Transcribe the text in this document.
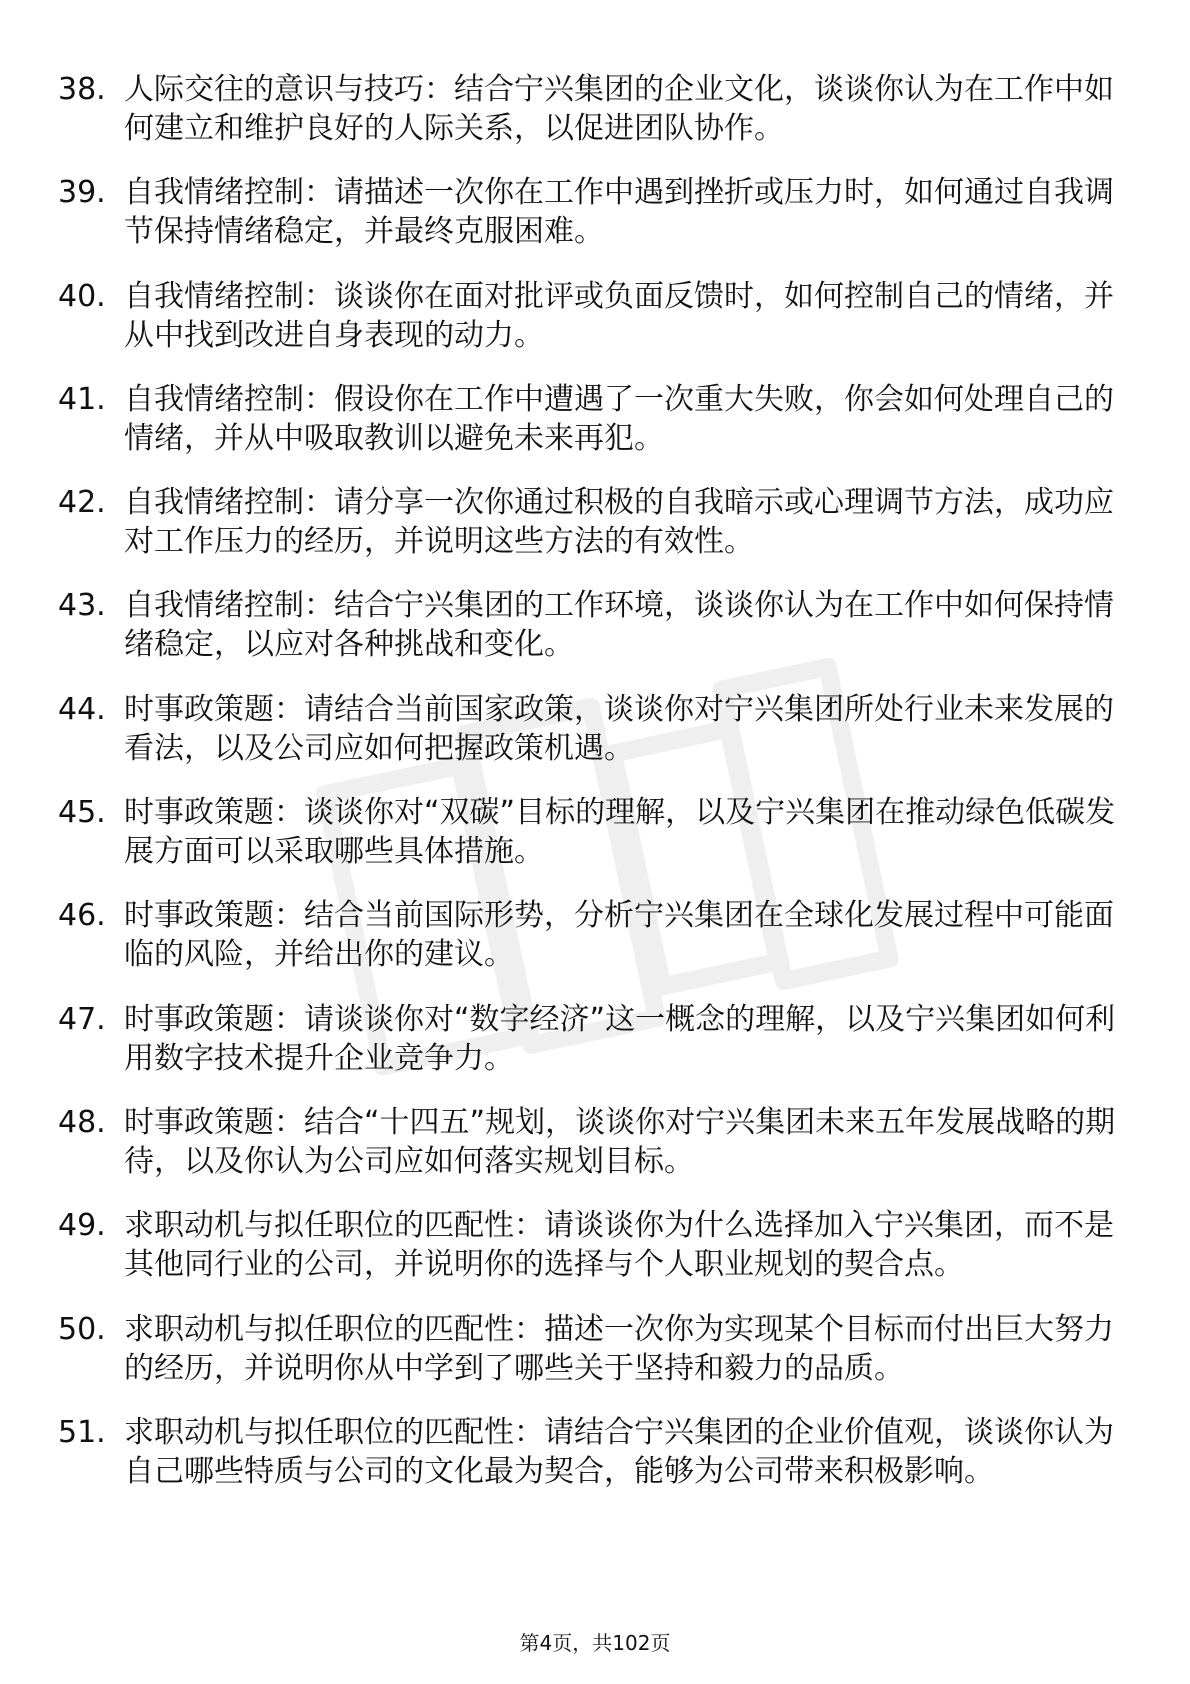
38. 人际交往的意识与技巧：结合宁兴集团的企业文化，谈谈你认为在工作中如何建立和维护良好的人际关系，以促进团队协作。
39. 自我情绪控制：请描述一次你在工作中遇到挫折或压力时，如何通过自我调节保持情绪稳定，并最终克服困难。
40. 自我情绪控制：谈谈你在面对批评或负面反馈时，如何控制自己的情绪，并从中找到改进自身表现的动力。
41. 自我情绪控制：假设你在工作中遭遇了一次重大失败，你会如何处理自己的情绪，并从中吸取教训以避免未来再犯。
42. 自我情绪控制：请分享一次你通过积极的自我暗示或心理调节方法，成功应对工作压力的经历，并说明这些方法的有效性。
43. 自我情绪控制：结合宁兴集团的工作环境，谈谈你认为在工作中如何保持情绪稳定，以应对各种挑战和变化。
44. 时事政策题：请结合当前国家政策，谈谈你对宁兴集团所处行业未来发展的看法，以及公司应如何把握政策机遇。
45. 时事政策题：谈谈你对“双碳”目标的理解，以及宁兴集团在推动绿色低碳发展方面可以采取哪些具体措施。
46. 时事政策题：结合当前国际形势，分析宁兴集团在全球化发展过程中可能面临的风险，并给出你的建议。
47. 时事政策题：请谈谈你对“数字经济”这一概念的理解，以及宁兴集团如何利用数字技术提升企业竞争力。
48. 时事政策题：结合“十四五”规划，谈谈你对宁兴集团未来五年发展战略的期待，以及你认为公司应如何落实规划目标。
49. 求职动机与拟任职位的匹配性：请谈谈你为什么选择加入宁兴集团，而不是其他同行业的公司，并说明你的选择与个人职业规划的契合点。
50. 求职动机与拟任职位的匹配性：描述一次你为实现某个目标而付出巨大努力的经历，并说明你从中学到了哪些关于坚持和毅力的品质。
51. 求职动机与拟任职位的匹配性：请结合宁兴集团的企业价值观，谈谈你认为自己哪些特质与公司的文化最为契合，能够为公司带来积极影响。
第4页，共102页
